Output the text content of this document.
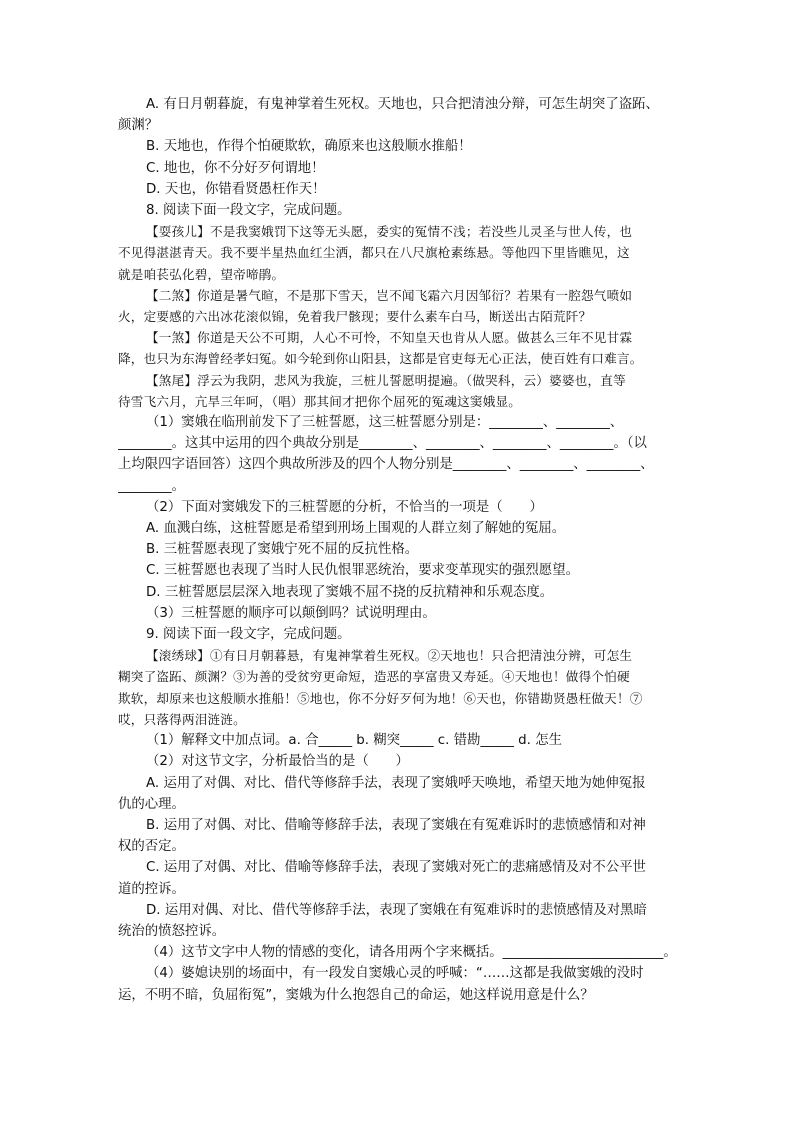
A. 有日月朝暮旋，有鬼神掌着生死权。天地也，只合把清浊分辩，可怎生胡突了盗跖、
颜渊？
B. 天地也，作得个怕硬欺软，确原来也这般顺水推船！
C. 地也，你不分好歹何谓地！
D. 天也，你错看贤愚枉作天！
8. 阅读下面一段文字，完成问题。
【耍孩儿】不是我窦娥罚下这等无头愿，委实的冤情不浅；若没些儿灵圣与世人传，也
不见得湛湛青天。我不要半星热血红尘洒，都只在八尺旗枪素练悬。等他四下里皆瞧见，这
就是咱苌弘化碧，望帝啼鹃。
【二煞】你道是暑气暄，不是那下雪天，岂不闻飞霜六月因邹衍？若果有一腔怨气喷如
火，定要感的六出冰花滚似锦，免着我尸骸现；要什么素车白马，断送出古陌荒阡？
【一煞】你道是天公不可期，人心不可怜，不知皇天也肯从人愿。做甚么三年不见甘霖
降，也只为东海曾经孝妇冤。如今轮到你山阳县，这都是官吏每无心正法，使百姓有口难言。
【煞尾】浮云为我阴，悲风为我旋，三桩儿誓愿明提遍。（做哭科，云）婆婆也，直等
待雪飞六月，亢旱三年呵，（唱）那其间才把你个屈死的冤魂这窦娥显。
（1）窦娥在临刑前发下了三桩誓愿，这三桩誓愿分别是：________、________、
________。这其中运用的四个典故分别是________、________、________、________。（以
上均限四字语回答）这四个典故所涉及的四个人物分别是________、________、________、
________。
（2）下面对窦娥发下的三桩誓愿的分析，不恰当的一项是（　　）
A. 血溅白练，这桩誓愿是希望到刑场上围观的人群立刻了解她的冤屈。
B. 三桩誓愿表现了窦娥宁死不屈的反抗性格。
C. 三桩誓愿也表现了当时人民仇恨罪恶统治，要求变革现实的强烈愿望。
D. 三桩誓愿层层深入地表现了窦娥不屈不挠的反抗精神和乐观态度。
（3）三桩誓愿的顺序可以颠倒吗？试说明理由。
9. 阅读下面一段文字，完成问题。
【滚绣球】①有日月朝暮悬，有鬼神掌着生死权。②天地也！只合把清浊分辨，可怎生
糊突了盗跖、颜渊？③为善的受贫穷更命短，造恶的享富贵又寿延。④天地也！做得个怕硬
欺软，却原来也这般顺水推船！⑤地也，你不分好歹何为地！⑥天也，你错勘贤愚枉做天！⑦
哎，只落得两泪涟涟。
（1）解释文中加点词。a. 合_____ b. 糊突_____ c. 错勘_____ d. 怎生
（2）对这节文字，分析最恰当的是（　　）
A. 运用了对偶、对比、借代等修辞手法，表现了窦娥呼天唤地，希望天地为她伸冤报
仇的心理。
B. 运用了对偶、对比、借喻等修辞手法，表现了窦娥在有冤难诉时的悲愤感情和对神
权的否定。
C. 运用了对偶、对比、借喻等修辞手法，表现了窦娥对死亡的悲痛感情及对不公平世
道的控诉。
D. 运用对偶、对比、借代等修辞手法，表现了窦娥在有冤难诉时的悲愤感情及对黑暗
统治的愤怒控诉。
（4）这节文字中人物的情感的变化，请各用两个字来概括。________________________。
（4）婆媳诀别的场面中，有一段发自窦娥心灵的呼喊：“……这都是我做窦娥的没时
运，不明不暗，负屈衔冤”，窦娥为什么抱怨自己的命运，她这样说用意是什么？
